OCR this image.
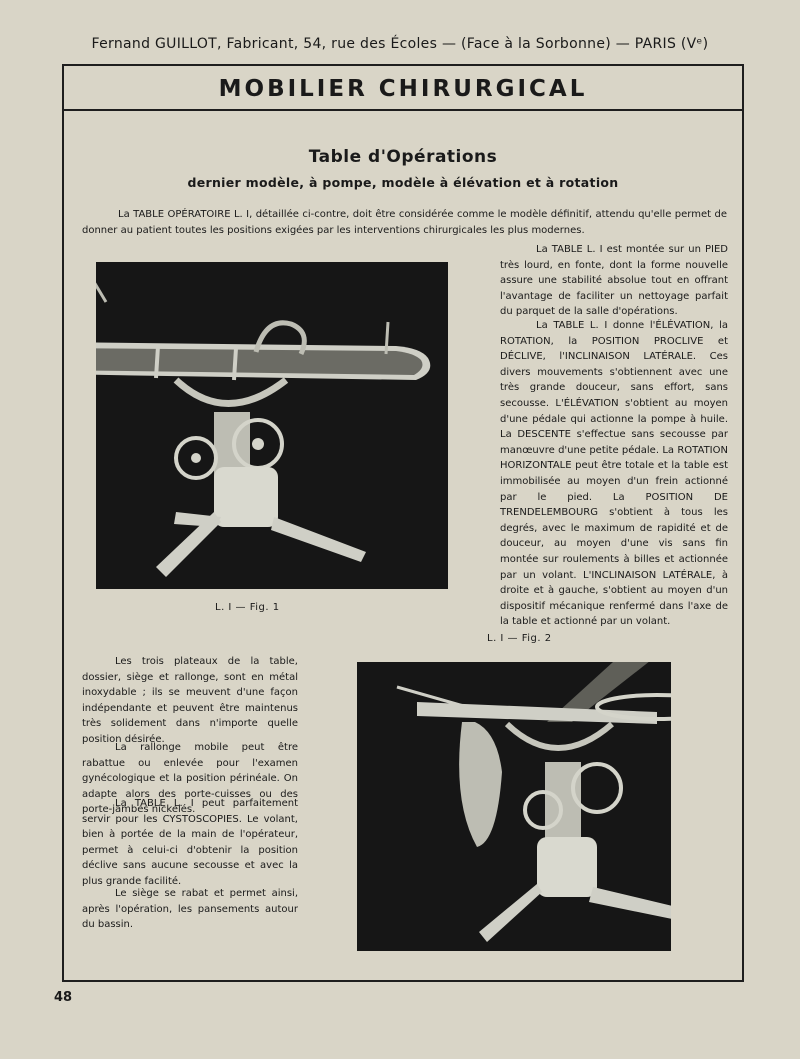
Fernand GUILLOT, Fabricant, 54, rue des Écoles — (Face à la Sorbonne) — PARIS (Vᵉ)
MOBILIER CHIRURGICAL
Table d'Opérations
dernier modèle, à pompe, modèle à élévation et à rotation
La TABLE OPÉRATOIRE L. I, détaillée ci-contre, doit être considérée comme le modèle définitif, attendu qu'elle permet de donner au patient toutes les positions exigées par les interventions chirurgicales les plus modernes.
La TABLE L. I est montée sur un PIED très lourd, en fonte, dont la forme nouvelle assure une stabilité absolue tout en offrant l'avantage de faciliter un nettoyage parfait du parquet de la salle d'opérations.
La TABLE L. I donne l'ÉLÉVATION, la ROTATION, la POSITION PROCLIVE et DÉCLIVE, l'INCLINAISON LATÉRALE. Ces divers mouvements s'obtiennent avec une très grande douceur, sans effort, sans secousse. L'ÉLÉVATION s'obtient au moyen d'une pédale qui actionne la pompe à huile. La DESCENTE s'effectue sans secousse par manœuvre d'une petite pédale. La ROTATION HORIZONTALE peut être totale et la table est immobilisée au moyen d'un frein actionné par le pied. La POSITION DE TRENDELEMBOURG s'obtient à tous les degrés, avec le maximum de rapidité et de douceur, au moyen d'une vis sans fin montée sur roulements à billes et actionnée par un volant. L'INCLINAISON LATÉRALE, à droite et à gauche, s'obtient au moyen d'un dispositif mécanique renfermé dans l'axe de la table et actionné par un volant.
L. I — Fig. 1
L. I — Fig. 2
Les trois plateaux de la table, dossier, siège et rallonge, sont en métal inoxydable ; ils se meuvent d'une façon indépendante et peuvent être maintenus très solidement dans n'importe quelle position désirée.
La rallonge mobile peut être rabattue ou enlevée pour l'examen gynécologique et la position périnéale. On adapte alors des porte-cuisses ou des porte-jambes nickelés.
La TABLE L. I peut parfaitement servir pour les CYSTOSCOPIES. Le volant, bien à portée de la main de l'opérateur, permet à celui-ci d'obtenir la position déclive sans aucune secousse et avec la plus grande facilité.
Le siège se rabat et permet ainsi, après l'opération, les pansements autour du bassin.
48
